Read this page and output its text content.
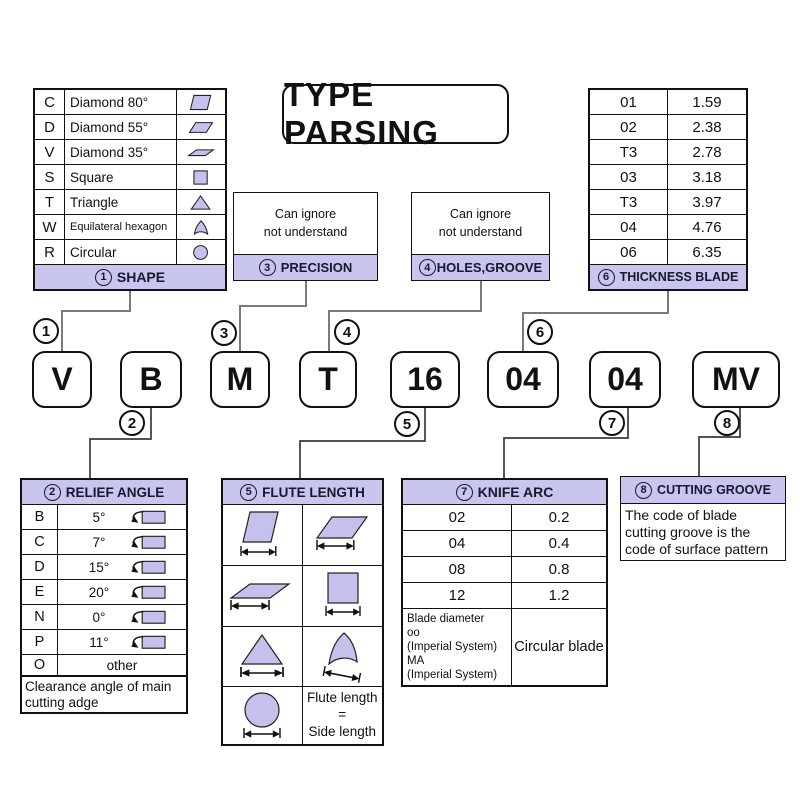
1
2
3	4
5
6
7	8
TYPE PARSING
C	Diamond 80°
D	Diamond 55°
V	Diamond 35°
S	Square
T	Triangle
W	Equilateral hexagon
R	Circular
1 SHAPE
01	1.59
02	2.38
T3	2.78
03	3.18
T3	3.97
04	4.76
06	6.35
6 THICKNESS BLADE
Can ignore
not understand
3 PRECISION
Can ignore
not understand
4 HOLES,GROOVE
V	B	M	T	16	04	04	MV
2 RELIEF ANGLE
B	5°
C	7°
D	15°
E	20°
N	0°
P	11°
O	other
Clearance angle of main cutting adge
5 FLUTE LENGTH
Flute length
=
Side length
7 KNIFE ARC
02	0.2
04	0.4
08	0.8
12	1.2
Blade diameter
oo
(Imperial System)
MA
(Imperial System)
Circular blade
8 CUTTING GROOVE
The code of blade cutting groove is the code of surface pattern
